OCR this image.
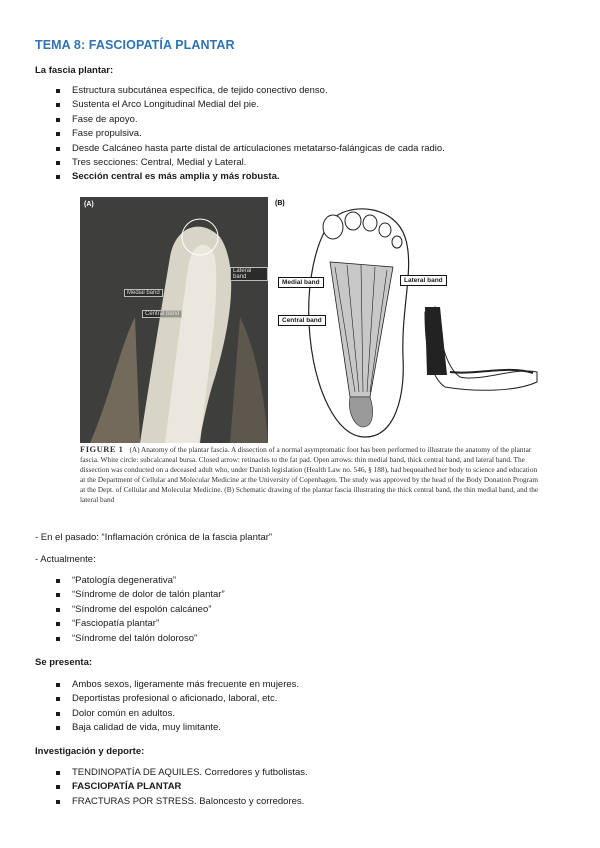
TEMA 8: FASCIOPATÍA PLANTAR
La fascia plantar:
Estructura subcutánea específica, de tejido conectivo denso.
Sustenta el Arco Longitudinal Medial del pie.
Fase de apoyo.
Fase propulsiva.
Desde Calcáneo hasta parte distal de articulaciones metatarso-falángicas de cada radio.
Tres secciones: Central, Medial y Lateral.
Sección central es más amplia y más robusta.
(A)
Lateral band
Medial band
Central band
(B)
Medial band	Lateral band
Central band
FIGURE 1 (A) Anatomy of the plantar fascia. A dissection of a normal asymptomatic foot has been performed to illustrate the anatomy of the plantar fascia. White circle: subcalcaneal bursa. Closed arrow: retinacles to the fat pad. Open arrows: thin medial band, thick central band, and lateral band. The dissection was conducted on a deceased adult who, under Danish legislation (Health Law no. 546, § 188), had bequeathed her body to science and education at the Department of Cellular and Molecular Medicine at the University of Copenhagen. The study was approved by the head of the Body Donation Program at the Dept. of Cellular and Molecular Medicine. (B) Schematic drawing of the plantar fascia illustrating the thick central band, the thin medial band, and the lateral band
- En el pasado: “Inflamación crónica de la fascia plantar”
- Actualmente:
“Patología degenerativa”
“Síndrome de dolor de talón plantar”
“Síndrome del espolón calcáneo”
“Fasciopatía plantar”
“Síndrome del talón doloroso”
Se presenta:
Ambos sexos, ligeramente más frecuente en mujeres.
Deportistas profesional o aficionado, laboral, etc.
Dolor común en adultos.
Baja calidad de vida, muy limitante.
Investigación y deporte:
TENDINOPATÍA DE AQUILES. Corredores y futbolistas.
FASCIOPATÍA PLANTAR
FRACTURAS POR STRESS. Baloncesto y corredores.
